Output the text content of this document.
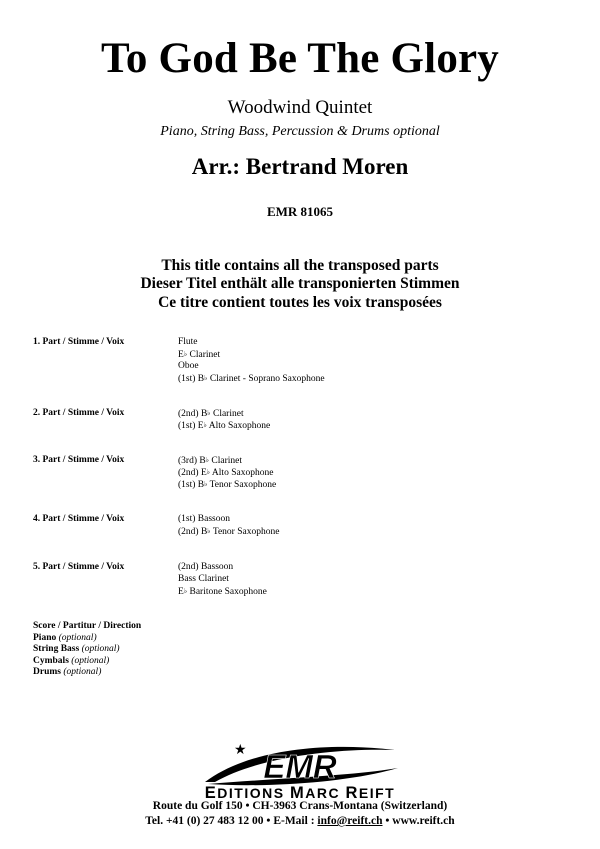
To God Be The Glory
Woodwind Quintet
Piano, String Bass, Percussion & Drums optional
Arr.: Bertrand Moren
EMR 81065
This title contains all the transposed parts
Dieser Titel enthält alle transponierten Stimmen
Ce titre contient toutes les voix transposées
1. Part / Stimme / Voix	Flute
E♭ Clarinet
Oboe
(1st) B♭ Clarinet - Soprano Saxophone
2. Part / Stimme / Voix	(2nd) B♭ Clarinet
(1st) E♭ Alto Saxophone
3. Part / Stimme / Voix	(3rd) B♭ Clarinet
(2nd) E♭ Alto Saxophone
(1st) B♭ Tenor Saxophone
4. Part / Stimme / Voix	(1st) Bassoon
(2nd) B♭ Tenor Saxophone
5. Part / Stimme / Voix	(2nd) Bassoon
Bass Clarinet
E♭ Baritone Saxophone
Score / Partitur / Direction
Piano (optional)
String Bass (optional)
Cymbals (optional)
Drums (optional)
★ EMR
EDITIONS MARC REIFT
Route du Golf 150 • CH-3963 Crans-Montana (Switzerland)
Tel. +41 (0) 27 483 12 00 • E-Mail : info@reift.ch • www.reift.ch
